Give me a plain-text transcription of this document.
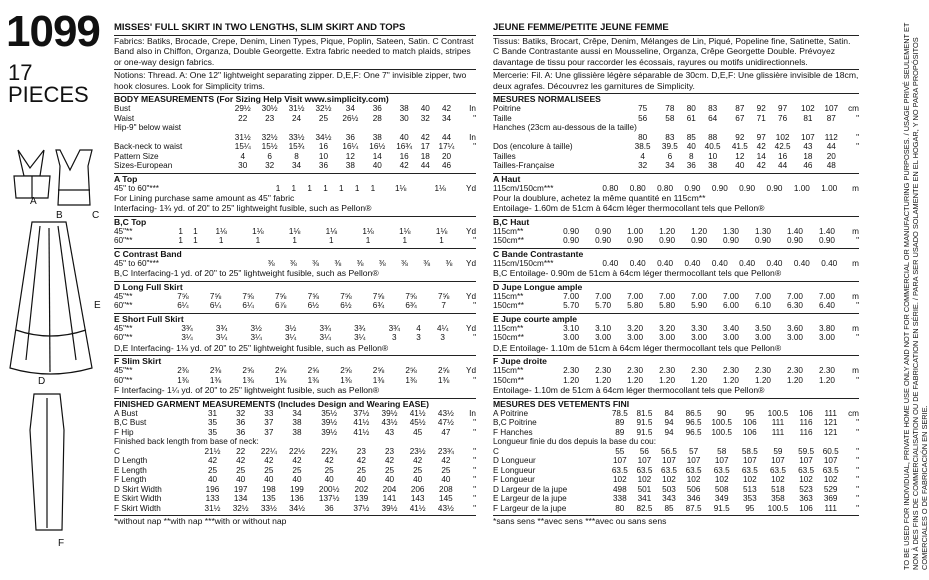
1099
17 PIECES
A
B	C
D
E
F
MISSES' FULL SKIRT IN TWO LENGTHS, SLIM SKIRT AND TOPS
Fabrics: Batiks, Brocade, Crepe, Denim, Linen Types, Pique, Poplin, Sateen, Satin. C Contrast Band also in Chiffon, Organza, Double Georgette. Extra fabric needed to match plaids, stripes or one-way design fabrics.
Notions: Thread. A: One 12" lightweight separating zipper. D,E,F: One 7" invisible zipper, two hook closures. Look for Simplicity trims.
BODY MEASUREMENTS (For Sizing Help Visit www.simplicity.com)
Bust	29½	30½	31½	32½	34	36	38	40	42	In
Waist	22	23	24	25	26½	28	30	32	34	"
Hip-9" below waist										
	31½	32½	33½	34½	36	38	40	42	44	In
Back-neck to waist	15¼	15½	15¾	16	16¼	16½	16¾	17	17¼	"
Pattern Size	4	6	8	10	12	14	16	18	20	
Sizes-European	30	32	34	36	38	40	42	44	46	
A Top
45" to 60"***	1	1	1	1	1	1	1	1⅛	1⅛	Yd
For Lining purchase same amount as 45" fabric
Interfacing- 1¾ yd. of 20" to 25" lightweight fusible, such as Pellon®
B,C Top
45"**	1	1	1⅛	1⅛	1⅛	1⅛	1⅛	1⅛	1⅛	Yd
60"**	1	1	1	1	1	1	1	1	1	"
C Contrast Band
45" to 60"***	⅜	⅜	⅜	⅜	⅜	⅜	⅜	⅜	⅜	Yd
B,C Interfacing-1 yd. of 20" to 25" lightweight fusible, such as Pellon®
D Long Full Skirt
45"**	7⅝	7⅝	7⅝	7⅝	7⅝	7⅝	7⅝	7⅝	7⅝	Yd
60"**	6¼	6¼	6¼	6⅞	6½	6½	6¾	6¾	7	"
E Short Full Skirt
45"**	3¾	3¾	3½	3½	3¾	3¾	3¾	4	4¼	Yd
60"**	3¼	3¼	3¼	3¼	3¼	3¼	3	3	3	"
D,E Interfacing- 1⅛ yd. of 20" to 25" lightweight fusible, such as Pellon®
F Slim Skirt
45"**	2⅜	2⅜	2⅝	2⅝	2⅝	2⅝	2⅝	2⅝	2⅝	Yd
60"**	1⅜	1⅜	1⅜	1⅜	1⅜	1⅜	1⅜	1⅜	1⅜	"
F Interfacing- 1¼ yd. of 20" to 25" lightweight fusible, such as Pellon®
FINISHED GARMENT MEASUREMENTS (Includes Design and Wearing EASE)
A Bust	31	32	33	34	35½	37½	39½	41½	43½	In
B,C Bust	35	36	37	38	39½	41½	43½	45½	47½	"
F Hip	35	36	37	38	39½	41½	43	45	47	"
Finished back length from base of neck:										
C	21½	22	22¼	22½	22¾	23	23	23½	23¾	"
D Length	42	42	42	42	42	42	42	42	42	"
E Length	25	25	25	25	25	25	25	25	25	"
F Length	40	40	40	40	40	40	40	40	40	"
D Skirt Width	196	197	198	199	200½	202	204	206	208	"
E Skirt Width	133	134	135	136	137½	139	141	143	145	"
F Skirt Width	31½	32½	33½	34½	36	37½	39½	41½	43½	"
*without nap **with nap ***with or without nap
JEUNE FEMME/PETITE JEUNE FEMME
Tissus: Batiks, Brocart, Crêpe, Denim, Mélanges de Lin, Piqué, Popeline fine, Satinette, Satin. C Bande Contrastante aussi en Mousseline, Organza, Crêpe Georgette Double. Prévoyez davantage de tissu pour raccorder les écossais, rayures ou motifs unidirectionnels.
Mercerie: Fil. A: Une glissière légère séparable de 30cm. D,E,F: Une glissière invisible de 18cm, deux agrafes. Découvrez les garnitures de Simplicity.
MESURES NORMALISEES
Poitrine	75	78	80	83	87	92	97	102	107	cm
Taille	56	58	61	64	67	71	76	81	87	"
Hanches (23cm au-dessous de la taille)										
	80	83	85	88	92	97	102	107	112	"
Dos (encolure à taille)	38.5	39.5	40	40.5	41.5	42	42.5	43	44	"
Tailles	4	6	8	10	12	14	16	18	20	
Tailles-Française	32	34	36	38	40	42	44	46	48	
A Haut
115cm/150cm***	0.80	0.80	0.80	0.90	0.90	0.90	0.90	1.00	1.00	m
Pour la doublure, achetez la même quantité en 115cm**
Entoilage- 1.60m de 51cm à 64cm léger thermocollant tels que Pellon®
B,C Haut
115cm**	0.90	0.90	1.00	1.20	1.20	1.30	1.30	1.40	1.40	m
150cm**	0.90	0.90	0.90	0.90	0.90	0.90	0.90	0.90	0.90	"
C Bande Contrastante
115cm/150cm***	0.40	0.40	0.40	0.40	0.40	0.40	0.40	0.40	0.40	m
B,C Entoilage- 0.90m de 51cm à 64cm léger thermocollant tels que Pellon®
D Jupe Longue ample
115cm**	7.00	7.00	7.00	7.00	7.00	7.00	7.00	7.00	7.00	m
150cm**	5.70	5.70	5.80	5.80	5.90	6.00	6.10	6.30	6.40	"
E Jupe courte ample
115cm**	3.10	3.10	3.20	3.20	3.30	3.40	3.50	3.60	3.80	m
150cm**	3.00	3.00	3.00	3.00	3.00	3.00	3.00	3.00	3.00	"
D,E Entoilage- 1.10m de 51cm à 64cm léger thermocollant tels que Pellon®
F Jupe droite
115cm**	2.30	2.30	2.30	2.30	2.30	2.30	2.30	2.30	2.30	m
150cm**	1.20	1.20	1.20	1.20	1.20	1.20	1.20	1.20	1.20	"
Entoilage- 1.10m de 51cm à 64cm léger thermocollant tels que Pellon®
MESURES DES VETEMENTS FINI
A Poitrine	78.5	81.5	84	86.5	90	95	100.5	106	111	cm
B,C Poitrine	89	91.5	94	96.5	100.5	106	111	116	121	"
F Hanches	89	91.5	94	96.5	100.5	106	111	116	121	"
Longueur finie du dos depuis la base du cou:										
C	55	56	56.5	57	58	58.5	59	59.5	60.5	"
D Longueur	107	107	107	107	107	107	107	107	107	"
E Longueur	63.5	63.5	63.5	63.5	63.5	63.5	63.5	63.5	63.5	"
F Longueur	102	102	102	102	102	102	102	102	102	"
D Largeur de la jupe	498	501	503	506	508	513	518	523	529	"
E Largeur de la jupe	338	341	343	346	349	353	358	363	369	"
F Largeur de la jupe	80	82.5	85	87.5	91.5	95	100.5	106	111	"
*sans sens **avec sens ***avec ou sans sens	TO BE USED FOR INDIVIDUAL, PRIVATE HOME USE ONLY AND NOT FOR COMMERCIAL OR MANUFACTURING PURPOSES. / USAGE PRIVÉ SEULEMENT ET NON À DES FINS DE COMMERCIALISATION OU DE FABRICATION EN SÉRIE. / PARA SER USADO SOLAMENTE EN EL HOGAR, Y NO PARA PROPÓSITOS COMERCIALES O DE FABRICACIÓN EN SERIE.
